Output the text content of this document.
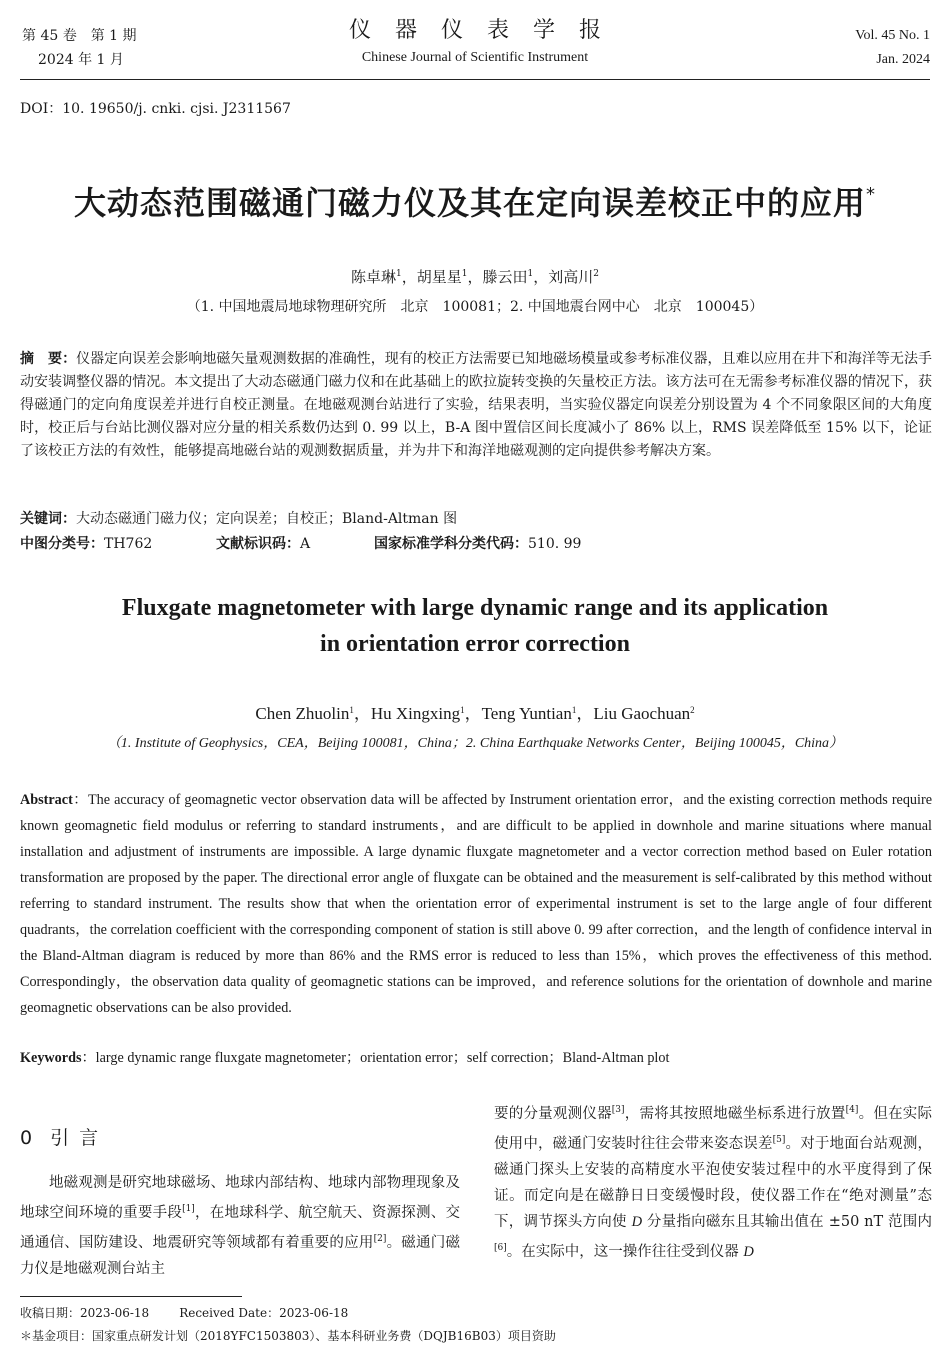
第 45 卷　第 1 期
2024 年 1 月
仪器仪表学报
Chinese Journal of Scientific Instrument
Vol. 45 No. 1
Jan. 2024
DOI：10. 19650/j. cnki. cjsi. J2311567
大动态范围磁通门磁力仪及其在定向误差校正中的应用*
陈卓琳$^1$，胡星星$^1$，滕云田$^1$，刘高川$^2$
（1. 中国地震局地球物理研究所　北京　100081；2. 中国地震台网中心　北京　100045）
摘　要：仪器定向误差会影响地磁矢量观测数据的准确性，现有的校正方法需要已知地磁场模量或参考标准仪器，且难以应用在井下和海洋等无法手动安装调整仪器的情况。本文提出了大动态磁通门磁力仪和在此基础上的欧拉旋转变换的矢量校正方法。该方法可在无需参考标准仪器的情况下，获得磁通门的定向角度误差并进行自校正测量。在地磁观测台站进行了实验，结果表明，当实验仪器定向误差分别设置为 4 个不同象限区间的大角度时，校正后与台站比测仪器对应分量的相关系数仍达到 0. 99 以上，B-A 图中置信区间长度减小了 86% 以上，RMS 误差降低至 15% 以下，论证了该校正方法的有效性，能够提高地磁台站的观测数据质量，并为井下和海洋地磁观测的定向提供参考解决方案。
关键词：大动态磁通门磁力仪；定向误差；自校正；Bland-Altman 图
中图分类号：TH762	文献标识码：A	国家标准学科分类代码：510. 99
Fluxgate magnetometer with large dynamic range and its application
in orientation error correction
Chen Zhuolin$^1$，Hu Xingxing$^1$，Teng Yuntian$^1$，Liu Gaochuan$^2$
（1. Institute of Geophysics，CEA，Beijing 100081，China；2. China Earthquake Networks Center，Beijing 100045，China）
Abstract：The accuracy of geomagnetic vector observation data will be affected by Instrument orientation error，and the existing correction methods require known geomagnetic field modulus or referring to standard instruments，and are difficult to be applied in downhole and marine situations where manual installation and adjustment of instruments are impossible. A large dynamic fluxgate magnetometer and a vector correction method based on Euler rotation transformation are proposed by the paper. The directional error angle of fluxgate can be obtained and the measurement is self-calibrated by this method without referring to standard instrument. The results show that when the orientation error of experimental instrument is set to the large angle of four different quadrants，the correlation coefficient with the corresponding component of station is still above 0. 99 after correction，and the length of confidence interval in the Bland-Altman diagram is reduced by more than 86% and the RMS error is reduced to less than 15%，which proves the effectiveness of this method. Correspondingly，the observation data quality of geomagnetic stations can be improved，and reference solutions for the orientation of downhole and marine geomagnetic observations can be also provided.
Keywords：large dynamic range fluxgate magnetometer；orientation error；self correction；Bland-Altman plot
0引言
地磁观测是研究地球磁场、地球内部结构、地球内部物理现象及地球空间环境的重要手段[1]，在地球科学、航空航天、资源探测、交通通信、国防建设、地震研究等领域都有着重要的应用[2]。磁通门磁力仪是地磁观测台站主
要的分量观测仪器[3]，需将其按照地磁坐标系进行放置[4]。但在实际使用中，磁通门安装时往往会带来姿态误差[5]。对于地面台站观测，磁通门探头上安装的高精度水平泡使安装过程中的水平度得到了保证。而定向是在磁静日日变缓慢时段，使仪器工作在“绝对测量”态下，调节探头方向使 D 分量指向磁东且其输出值在 ±50 nT 范围内[6]。在实际中，这一操作往往受到仪器 D
收稿日期：2023-06-18	Received Date：2023-06-18
＊基金项目：国家重点研发计划（2018YFC1503803）、基本科研业务费（DQJB16B03）项目资助
